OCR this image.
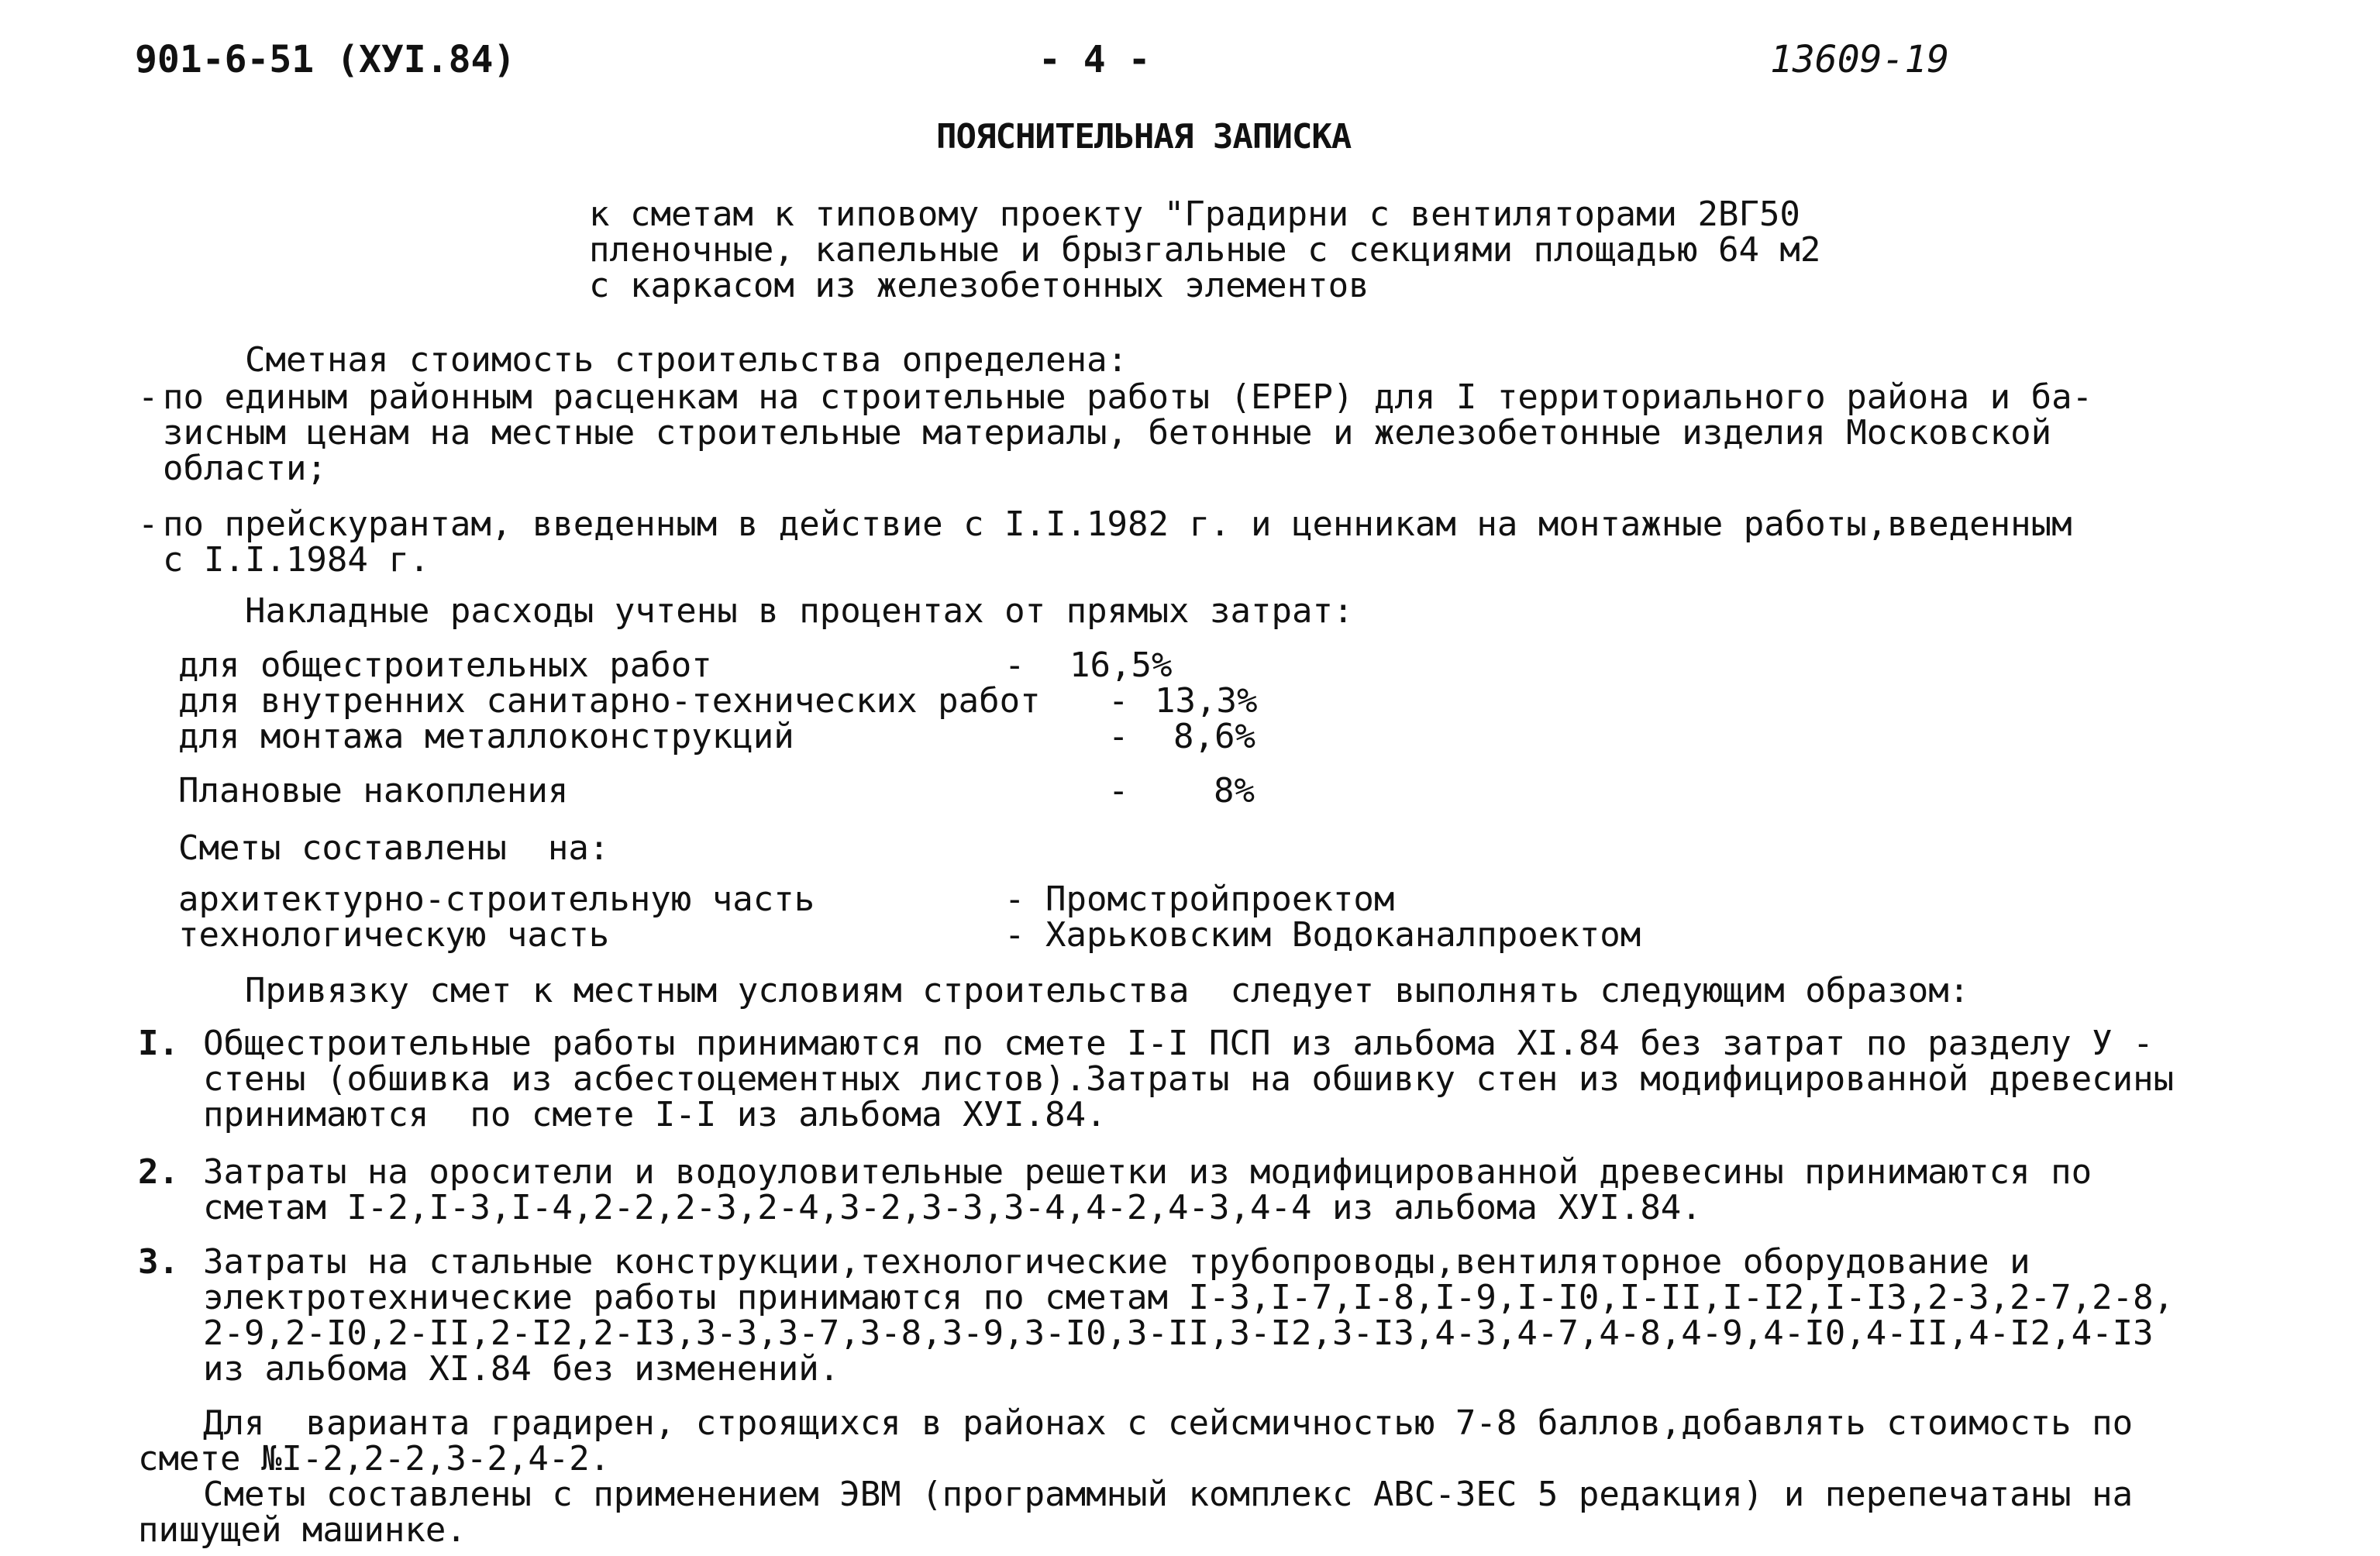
901-6-51 (XУI.84)	- 4 -	13609-19
ПОЯСНИТЕЛЬНАЯ ЗАПИСКА
к сметам к типовому проекту "Градирни с вентиляторами 2ВГ50
пленочные, капельные и брызгальные с секциями площадью 64 м2
с каркасом из железобетонных элементов
Сметная стоимость строительства определена:
- по единым районным расценкам на строительные работы (ЕРЕР) для I территориального района и ба-
зисным ценам на местные строительные материалы, бетонные и железобетонные изделия Московской
области;
- по прейскурантам, введенным в действие с I.I.1982 г. и ценникам на монтажные работы,введенным
с I.I.1984 г.
Накладные расходы учтены в процентах от прямых затрат:
для общестроительных работ	- 16,5%
для внутренних санитарно-технических работ - 13,3%
для монтажа металлоконструкций	- 8,6%
Плановые накопления	- 8%
Сметы составлены  на:
архитектурно-строительную часть	- Промстройпроектом
технологическую часть	- Харьковским Водоканалпроектом
Привязку смет к местным условиям строительства  следует выполнять следующим образом:
I. Общестроительные работы принимаются по смете I-I ПСП из альбома XI.84 без затрат по разделу У -
стены (обшивка из асбестоцементных листов).Затраты на обшивку стен из модифицированной древесины
принимаются  по смете I-I из альбома XУI.84.
2. Затраты на оросители и водоуловительные решетки из модифицированной древесины принимаются по
сметам I-2,I-3,I-4,2-2,2-3,2-4,3-2,3-3,3-4,4-2,4-3,4-4 из альбома XУI.84.
3. Затраты на стальные конструкции,технологические трубопроводы,вентиляторное оборудование и
электротехнические работы принимаются по сметам I-3,I-7,I-8,I-9,I-I0,I-II,I-I2,I-I3,2-3,2-7,2-8,
2-9,2-I0,2-II,2-I2,2-I3,3-3,3-7,3-8,3-9,3-I0,3-II,3-I2,3-I3,4-3,4-7,4-8,4-9,4-I0,4-II,4-I2,4-I3
из альбома XI.84 без изменений.
Для  варианта градирен, строящихся в районах с сейсмичностью 7-8 баллов,добавлять стоимость по
смете №I-2,2-2,3-2,4-2.
Сметы составлены с применением ЭВМ (программный комплекс АВС-3ЕС 5 редакция) и перепечатаны на
пишущей машинке.
